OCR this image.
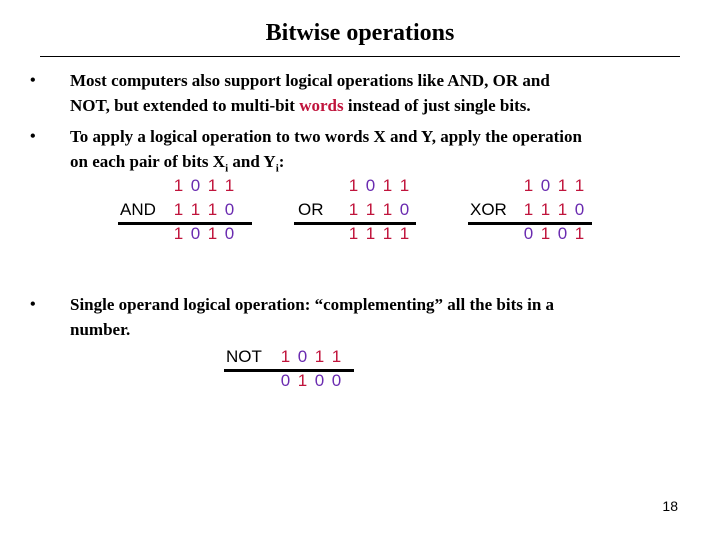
Bitwise operations
• Most computers also support logical operations like AND, OR and
NOT, but extended to multi-bit words instead of just single bits.
• To apply a logical operation to two words X and Y, apply the operation
on each pair of bits $X_i$ and $Y_i$:
AND
1 0 1 1
1 1 1 0
1 0 1 0
OR
1 0 1 1
1 1 1 0
1 1 1 1
XOR
1 0 1 1
1 1 1 0
0 1 0 1
• Single operand logical operation: “complementing” all the bits in a
number.
NOT 1 0 1 1
0 1 0 0
18
